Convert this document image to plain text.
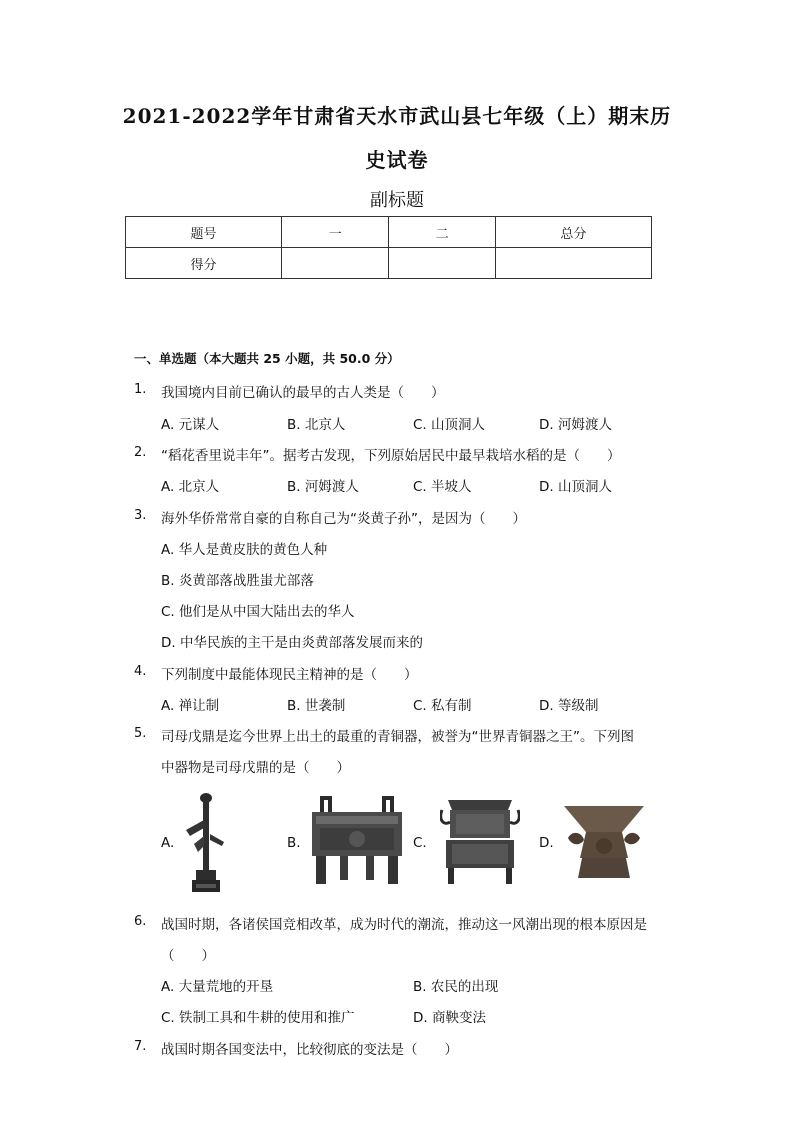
2021-2022学年甘肃省天水市武山县七年级（上）期末历
史试卷
副标题
题号	一	二	总分
得分			
一、单选题（本大题共 25 小题，共 50.0 分）
1. 我国境内目前已确认的最早的古人类是（　　）
A. 元谋人	B. 北京人	C. 山顶洞人	D. 河姆渡人
2. “稻花香里说丰年”。据考古发现，下列原始居民中最早栽培水稻的是（　　）
A. 北京人	B. 河姆渡人	C. 半坡人	D. 山顶洞人
3. 海外华侨常常自豪的自称自己为“炎黄子孙”，是因为（　　）
A. 华人是黄皮肤的黄色人种
B. 炎黄部落战胜蚩尤部落
C. 他们是从中国大陆出去的华人
D. 中华民族的主干是由炎黄部落发展而来的
4. 下列制度中最能体现民主精神的是（　　）
A. 禅让制	B. 世袭制	C. 私有制	D. 等级制
5. 司母戊鼎是迄今世界上出土的最重的青铜器，被誉为“世界青铜器之王”。下列图
中器物是司母戊鼎的是（　　）
A.	B.	C.	D.
6. 战国时期，各诸侯国竞相改革，成为时代的潮流，推动这一风潮出现的根本原因是
（　　）
A. 大量荒地的开垦	B. 农民的出现
C. 铁制工具和牛耕的使用和推广	D. 商鞅变法
7. 战国时期各国变法中，比较彻底的变法是（　　）
